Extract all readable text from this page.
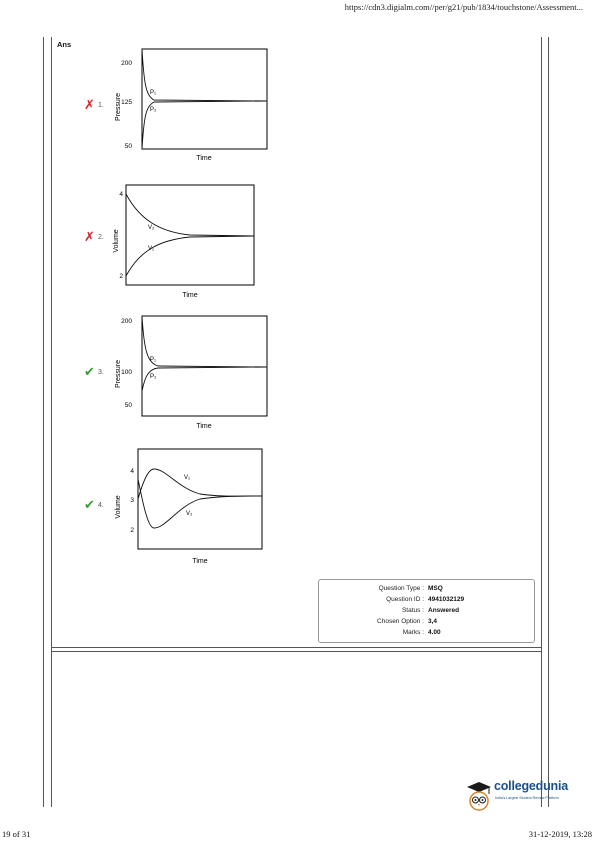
https://cdn3.digialm.com//per/g21/pub/1834/touchstone/Assessment...
Ans
✗ 1.
✗ 2.
✔ 3.
✔ 4.
Pressure
200
125
50
P₁
P₂
Time
Volume
4
2
V₂
V₁
Time
Pressure
200
100
50
P₁
P₂
Time
Volume
4
3
2
V₁
V₂
Time
Question Type : MSQ
Question ID : 4941032129
Status : Answered
Chosen Option : 3,4
Marks : 4.00
collegedunia
India's Largest Student Review Platform
19 of 31	31-12-2019, 13:28
